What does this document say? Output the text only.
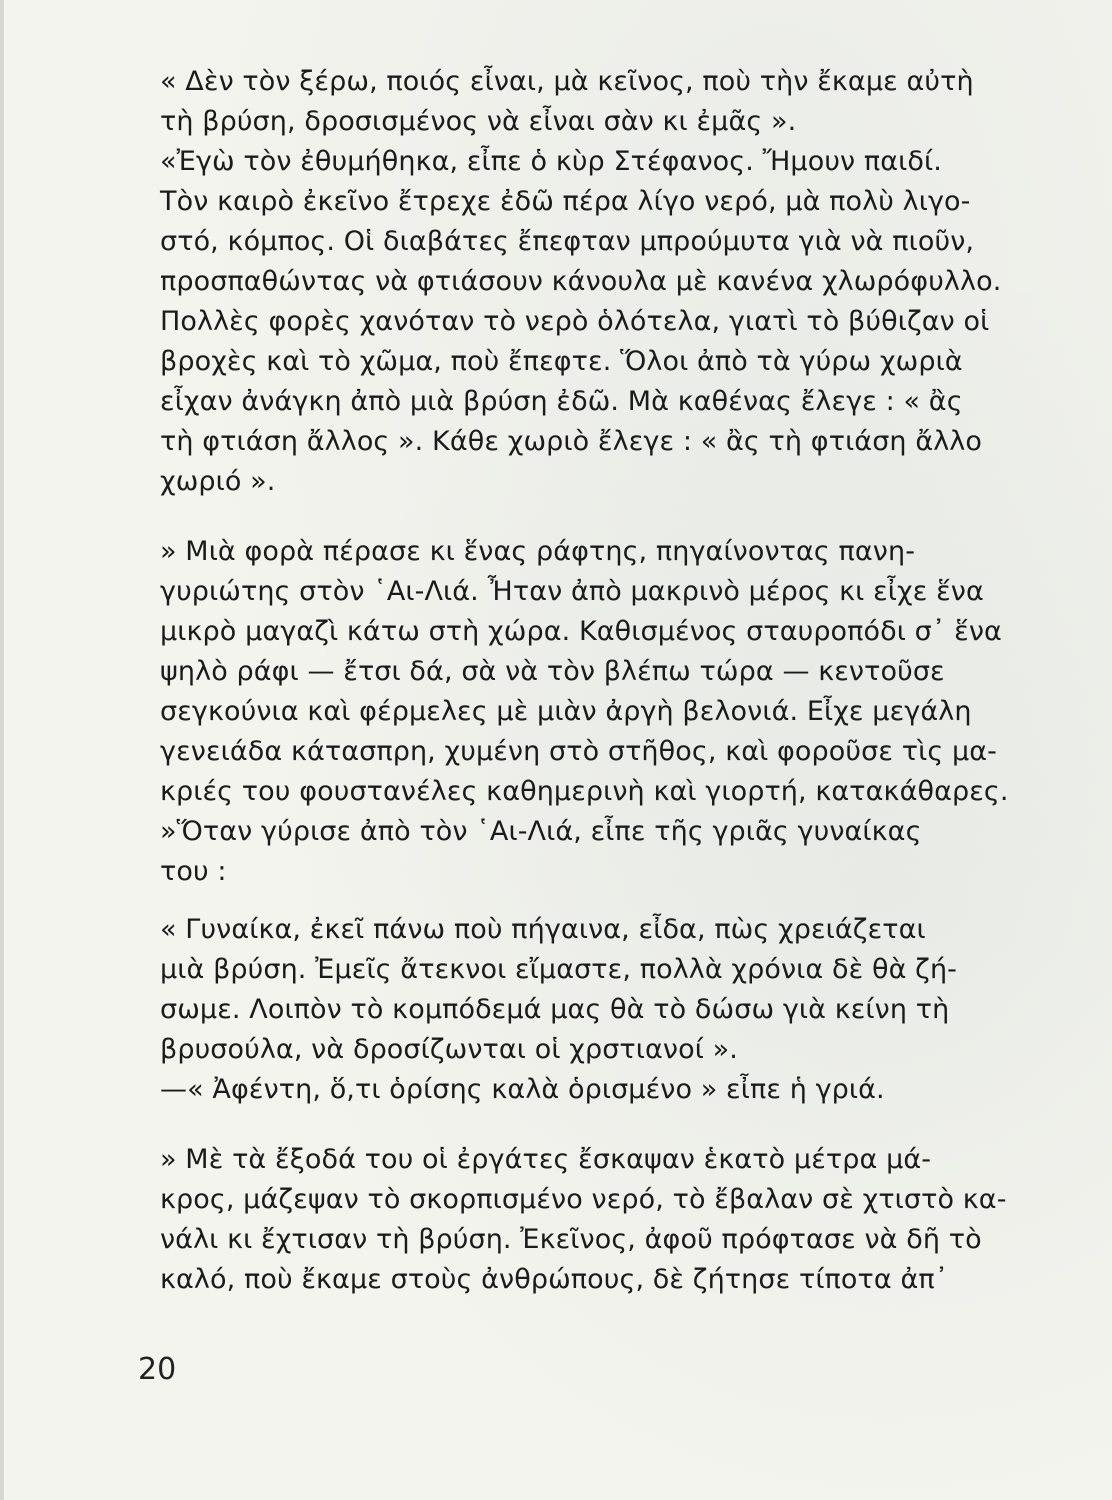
« Δὲν τὸν ξέρω, ποιός εἶναι, μὰ κεῖνος, ποὺ τὴν ἔκαμε αὐτὴ
τὴ βρύση, δροσισμένος νὰ εἶναι σὰν κι ἐμᾶς ».
«Ἐγὼ τὸν ἐθυμήθηκα, εἶπε ὁ κὺρ Στέφανος. Ἤμουν παιδί.
Τὸν καιρὸ ἐκεῖνο ἔτρεχε ἐδῶ πέρα λίγο νερό, μὰ πολὺ λιγο-
στό, κόμπος. Οἱ διαβάτες ἔπεφταν μπρούμυτα γιὰ νὰ πιοῦν,
προσπαθώντας νὰ φτιάσουν κάνουλα μὲ κανένα χλωρόφυλλο.
Πολλὲς φορὲς χανόταν τὸ νερὸ ὁλότελα, γιατὶ τὸ βύθιζαν οἱ
βροχὲς καὶ τὸ χῶμα, ποὺ ἔπεφτε. Ὅλοι ἀπὸ τὰ γύρω χωριὰ
εἶχαν ἀνάγκη ἀπὸ μιὰ βρύση ἐδῶ. Μὰ καθένας ἔλεγε : « ἂς
τὴ φτιάση ἄλλος ». Κάθε χωριὸ ἔλεγε : « ἂς τὴ φτιάση ἄλλο
χωριό ».
» Μιὰ φορὰ πέρασε κι ἕνας ράφτης, πηγαίνοντας πανη-
γυριώτης στὸν ῾Αι-Λιά. Ἦταν ἀπὸ μακρινὸ μέρος κι εἶχε ἕνα
μικρὸ μαγαζὶ κάτω στὴ χώρα. Καθισμένος σταυροπόδι σ᾽ ἕνα
ψηλὸ ράφι — ἔτσι δά, σὰ νὰ τὸν βλέπω τώρα — κεντοῦσε
σεγκούνια καὶ φέρμελες μὲ μιὰν ἀργὴ βελονιά. Εἶχε μεγάλη
γενειάδα κάτασπρη, χυμένη στὸ στῆθος, καὶ φοροῦσε τὶς μα-
κριές του φουστανέλες καθημερινὴ καὶ γιορτή, κατακάθαρες.
»Ὅταν γύρισε ἀπὸ τὸν ῾Αι-Λιά, εἶπε τῆς γριᾶς γυναίκας
του :
« Γυναίκα, ἐκεῖ πάνω ποὺ πήγαινα, εἶδα, πὼς χρειάζεται
μιὰ βρύση. Ἐμεῖς ἄτεκνοι εἴμαστε, πολλὰ χρόνια δὲ θὰ ζή-
σωμε. Λοιπὸν τὸ κομπόδεμά μας θὰ τὸ δώσω γιὰ κείνη τὴ
βρυσούλα, νὰ δροσίζωνται οἱ χρστιανοί ».
—« Ἀφέντη, ὅ,τι ὁρίσης καλὰ ὁρισμένο » εἶπε ἡ γριά.
» Μὲ τὰ ἔξοδά του οἱ ἐργάτες ἔσκαψαν ἑκατὸ μέτρα μά-
κρος, μάζεψαν τὸ σκορπισμένο νερό, τὸ ἔβαλαν σὲ χτιστὸ κα-
νάλι κι ἔχτισαν τὴ βρύση. Ἐκεῖνος, ἀφοῦ πρόφτασε νὰ δῆ τὸ
καλό, ποὺ ἔκαμε στοὺς ἀνθρώπους, δὲ ζήτησε τίποτα ἀπ᾽
20
